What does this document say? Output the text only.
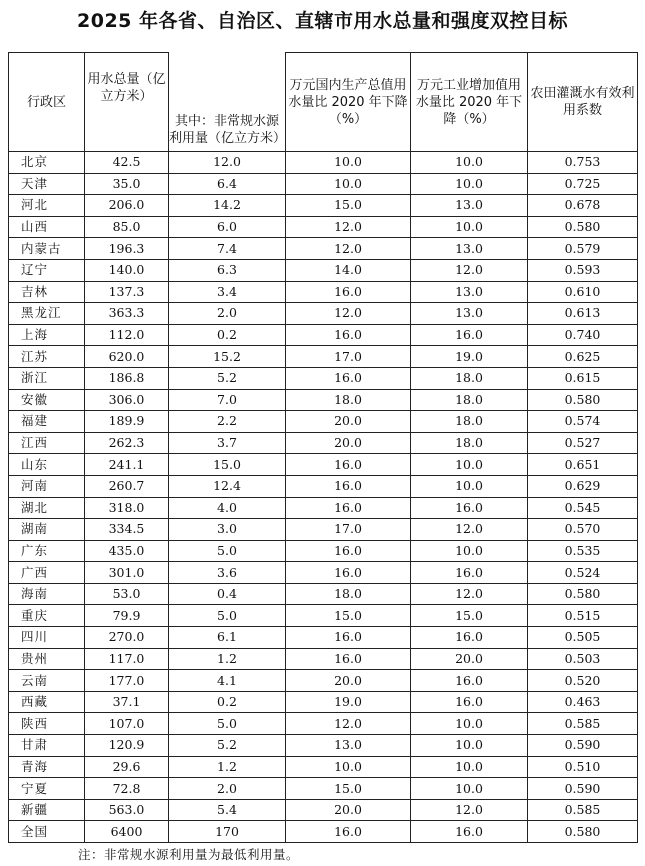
2025 年各省、自治区、直辖市用水总量和强度双控目标
行政区	用水总量（亿立方米）	其中：非常规水源利用量（亿立方米）	万元国内生产总值用水量比 2020 年下降（%）	万元工业增加值用水量比 2020 年下降（%）	农田灌溉水有效利用系数
北京	42.5	12.0	10.0	10.0	0.753
天津	35.0	6.4	10.0	10.0	0.725
河北	206.0	14.2	15.0	13.0	0.678
山西	85.0	6.0	12.0	10.0	0.580
内蒙古	196.3	7.4	12.0	13.0	0.579
辽宁	140.0	6.3	14.0	12.0	0.593
吉林	137.3	3.4	16.0	13.0	0.610
黑龙江	363.3	2.0	12.0	13.0	0.613
上海	112.0	0.2	16.0	16.0	0.740
江苏	620.0	15.2	17.0	19.0	0.625
浙江	186.8	5.2	16.0	18.0	0.615
安徽	306.0	7.0	18.0	18.0	0.580
福建	189.9	2.2	20.0	18.0	0.574
江西	262.3	3.7	20.0	18.0	0.527
山东	241.1	15.0	16.0	10.0	0.651
河南	260.7	12.4	16.0	10.0	0.629
湖北	318.0	4.0	16.0	16.0	0.545
湖南	334.5	3.0	17.0	12.0	0.570
广东	435.0	5.0	16.0	10.0	0.535
广西	301.0	3.6	16.0	16.0	0.524
海南	53.0	0.4	18.0	12.0	0.580
重庆	79.9	5.0	15.0	15.0	0.515
四川	270.0	6.1	16.0	16.0	0.505
贵州	117.0	1.2	16.0	20.0	0.503
云南	177.0	4.1	20.0	16.0	0.520
西藏	37.1	0.2	19.0	16.0	0.463
陕西	107.0	5.0	12.0	10.0	0.585
甘肃	120.9	5.2	13.0	10.0	0.590
青海	29.6	1.2	10.0	10.0	0.510
宁夏	72.8	2.0	15.0	10.0	0.590
新疆	563.0	5.4	20.0	12.0	0.585
全国	6400	170	16.0	16.0	0.580
注：非常规水源利用量为最低利用量。
